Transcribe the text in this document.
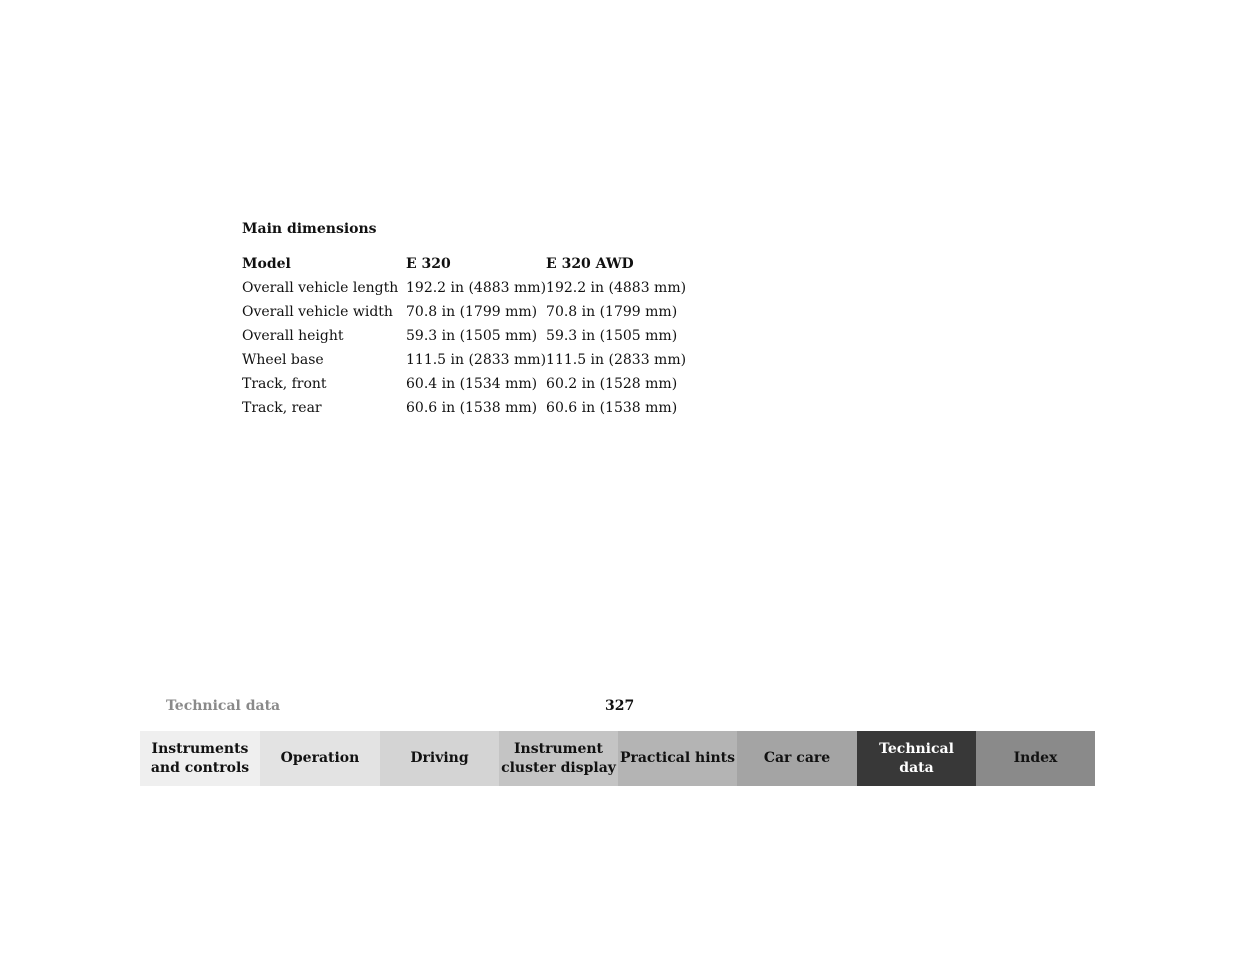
Main dimensions
Model	E 320	E 320 AWD
Overall vehicle length	192.2 in (4883 mm)	192.2 in (4883 mm)
Overall vehicle width	70.8 in (1799 mm)	70.8 in (1799 mm)
Overall height	59.3 in (1505 mm)	59.3 in (1505 mm)
Wheel base	111.5 in (2833 mm)	111.5 in (2833 mm)
Track, front	60.4 in (1534 mm)	60.2 in (1528 mm)
Track, rear	60.6 in (1538 mm)	60.6 in (1538 mm)
Technical data	327
Instruments
and controls
Operation	Driving
Instrument
cluster display
Practical hints	Car care
Technical
data
Index
